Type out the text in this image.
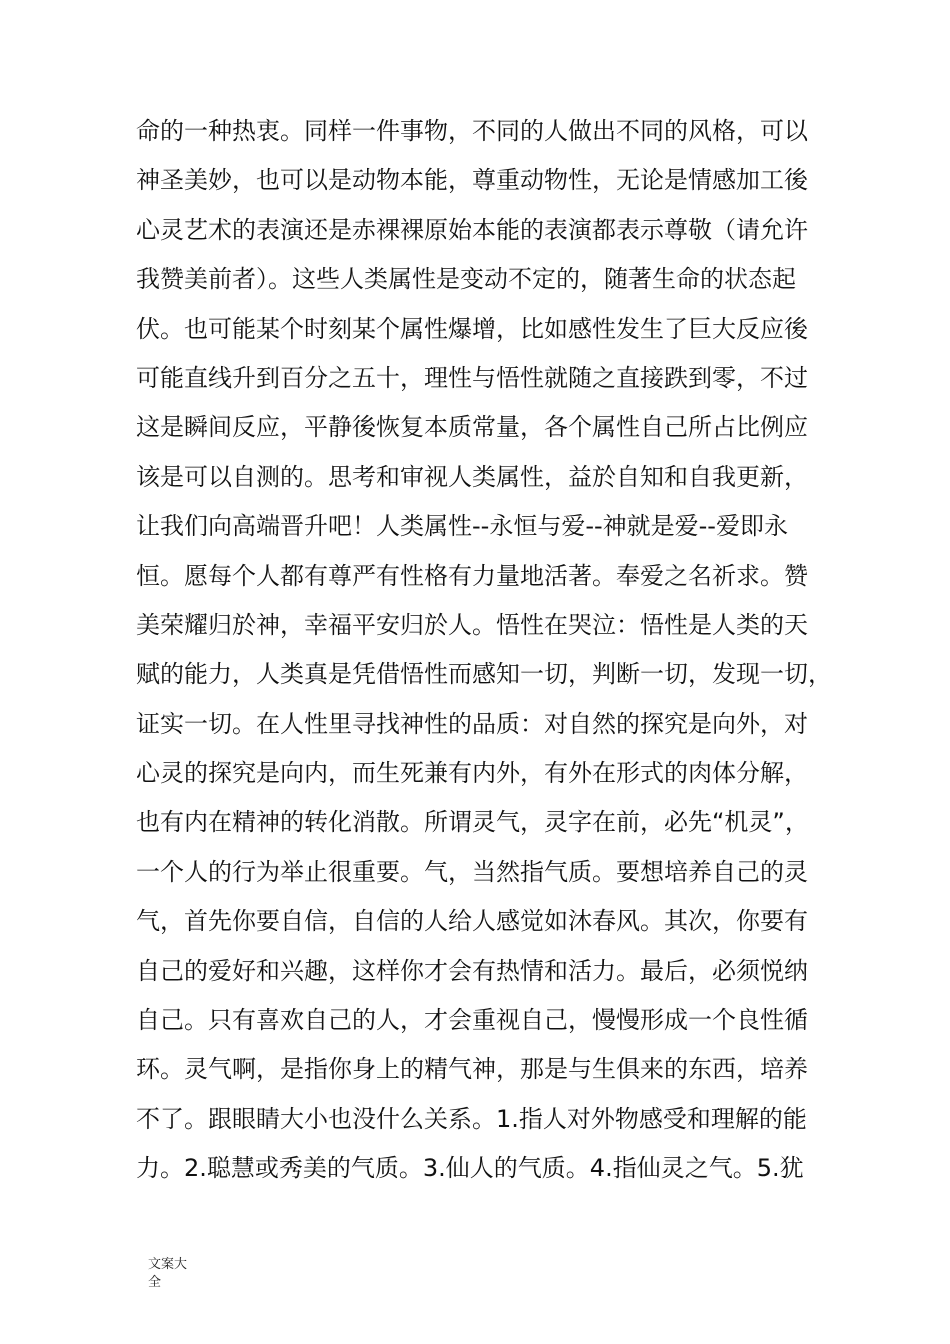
命的一种热衷。同样一件事物，不同的人做出不同的风格，可以
神圣美妙，也可以是动物本能，尊重动物性，无论是情感加工後
心灵艺术的表演还是赤裸裸原始本能的表演都表示尊敬（请允许
我赞美前者）。这些人类属性是变动不定的，随著生命的状态起
伏。也可能某个时刻某个属性爆增，比如感性发生了巨大反应後
可能直线升到百分之五十，理性与悟性就随之直接跌到零，不过
这是瞬间反应，平静後恢复本质常量，各个属性自己所占比例应
该是可以自测的。思考和审视人类属性，益於自知和自我更新，
让我们向高端晋升吧！人类属性--永恒与爱--神就是爱--爱即永
恒。愿每个人都有尊严有性格有力量地活著。奉爱之名祈求。赞
美荣耀归於神，幸福平安归於人。悟性在哭泣：悟性是人类的天
赋的能力，人类真是凭借悟性而感知一切，判断一切，发现一切，
证实一切。在人性里寻找神性的品质：对自然的探究是向外，对
心灵的探究是向内，而生死兼有内外，有外在形式的肉体分解，
也有内在精神的转化消散。所谓灵气，灵字在前，必先“机灵”，
一个人的行为举止很重要。气，当然指气质。要想培养自己的灵
气，首先你要自信，自信的人给人感觉如沐春风。其次，你要有
自己的爱好和兴趣，这样你才会有热情和活力。最后，必须悦纳
自己。只有喜欢自己的人，才会重视自己，慢慢形成一个良性循
环。灵气啊，是指你身上的精气神，那是与生俱来的东西，培养
不了。跟眼睛大小也没什么关系。1.指人对外物感受和理解的能
力。2.聪慧或秀美的气质。3.仙人的气质。4.指仙灵之气。5.犹
文案大
全
